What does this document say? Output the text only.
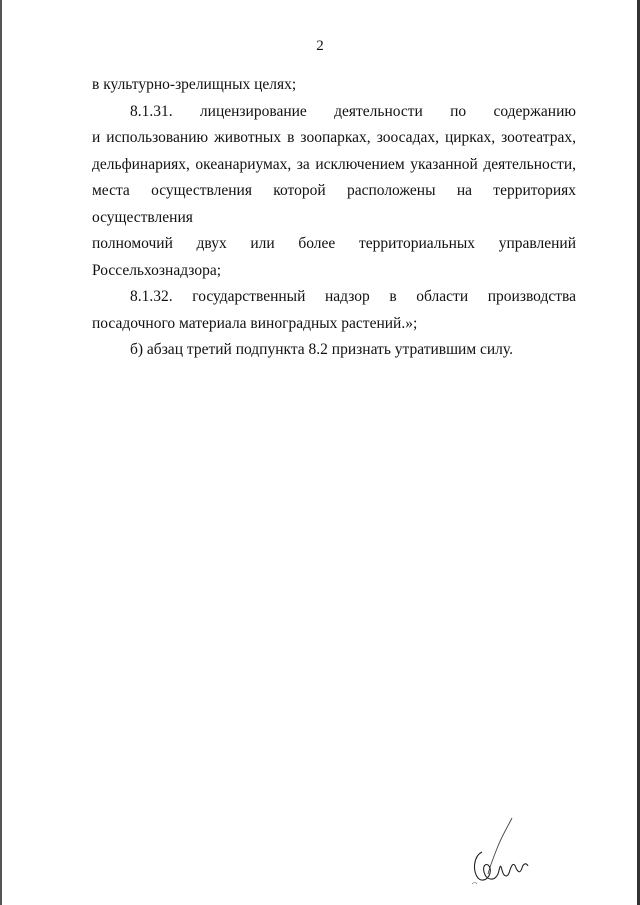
2

в культурно-зрелищных целях;

8.1.31. лицензирование деятельности по содержанию

и использованию животных в зоопарках, зоосадах, цирках, зоотеатрах, дельфинариях, океанариумах, за исключением указанной деятельности, места осуществления которой расположены на территориях осуществления

полномочий двух или более территориальных управлений

Россельхознадзора;

8.1.32. государственный надзор в области производства посадочного материала виноградных растений.»;

б) абзац третий подпункта 8.2 признать утратившим силу.
